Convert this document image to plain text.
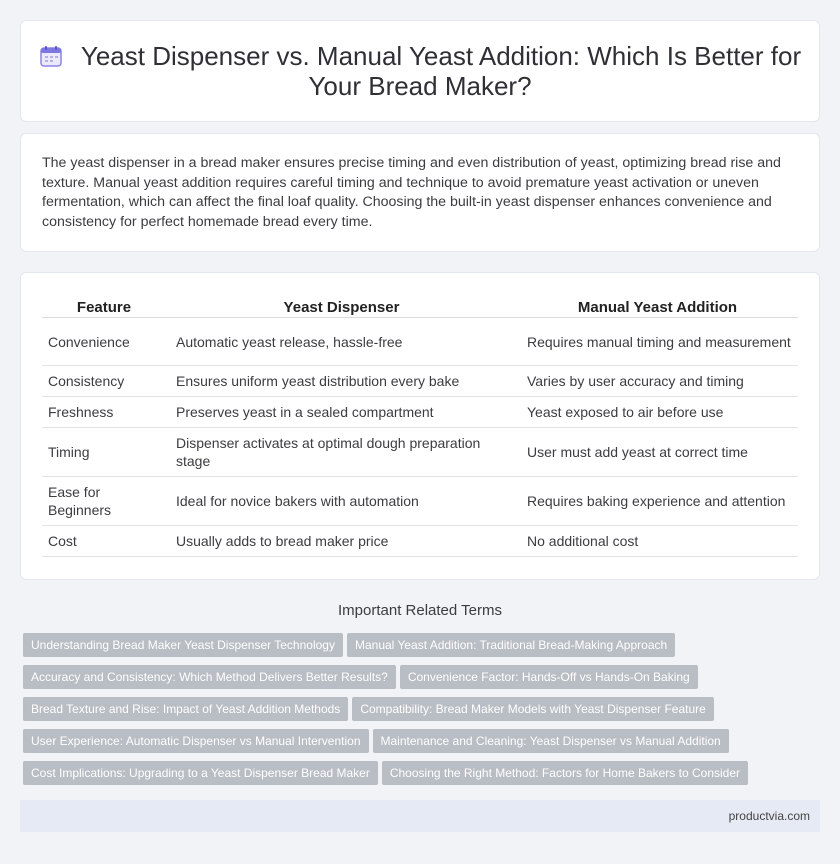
Yeast Dispenser vs. Manual Yeast Addition: Which Is Better for Your Bread Maker?

The yeast dispenser in a bread maker ensures precise timing and even distribution of yeast, optimizing bread rise and texture. Manual yeast addition requires careful timing and technique to avoid premature yeast activation or uneven fermentation, which can affect the final loaf quality. Choosing the built-in yeast dispenser enhances convenience and consistency for perfect homemade bread every time.

Feature	Yeast Dispenser	Manual Yeast Addition
Convenience	Automatic yeast release, hassle-free	Requires manual timing and measurement
Consistency	Ensures uniform yeast distribution every bake	Varies by user accuracy and timing
Freshness	Preserves yeast in a sealed compartment	Yeast exposed to air before use
Timing	Dispenser activates at optimal dough preparation stage	User must add yeast at correct time
Ease for Beginners	Ideal for novice bakers with automation	Requires baking experience and attention
Cost	Usually adds to bread maker price	No additional cost
Important Related Terms
Understanding Bread Maker Yeast Dispenser Technology Manual Yeast Addition: Traditional Bread-Making Approach
Accuracy and Consistency: Which Method Delivers Better Results? Convenience Factor: Hands-Off vs Hands-On Baking
Bread Texture and Rise: Impact of Yeast Addition Methods Compatibility: Bread Maker Models with Yeast Dispenser Feature
User Experience: Automatic Dispenser vs Manual Intervention Maintenance and Cleaning: Yeast Dispenser vs Manual Addition
Cost Implications: Upgrading to a Yeast Dispenser Bread Maker Choosing the Right Method: Factors for Home Bakers to Consider
productvia.com
